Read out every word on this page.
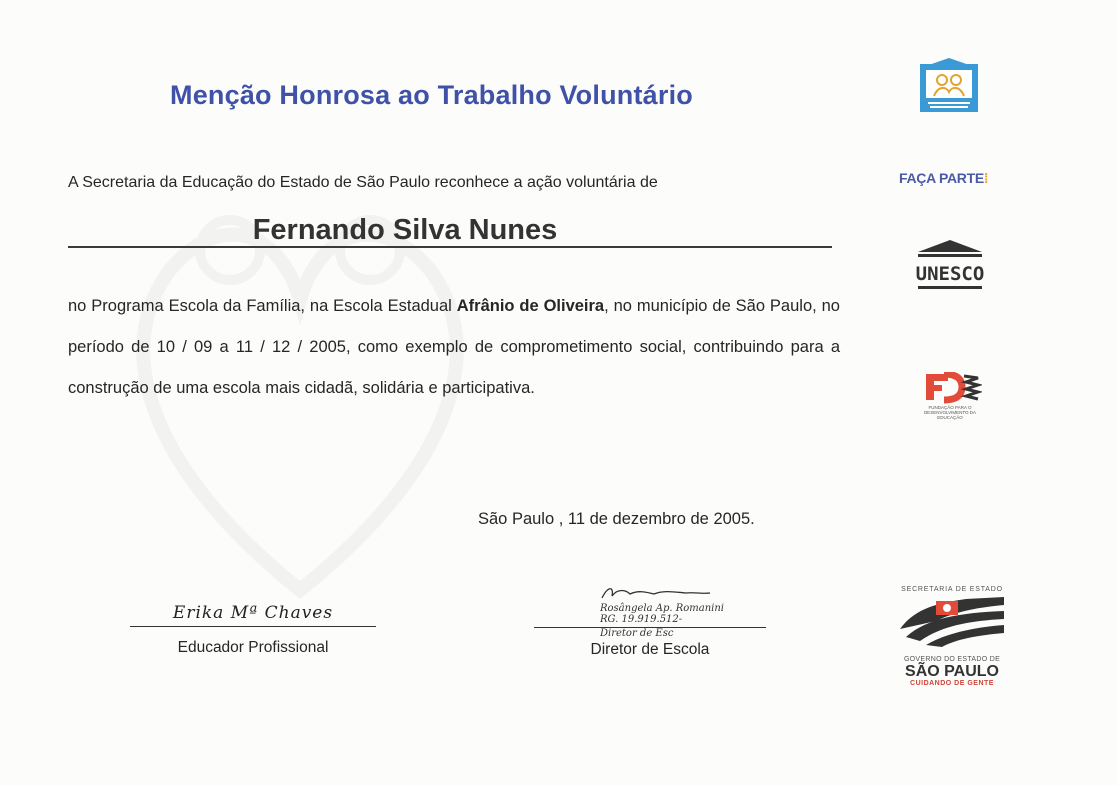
Menção Honrosa ao Trabalho Voluntário
A Secretaria da Educação do Estado de São Paulo reconhece a ação voluntária de
Fernando Silva Nunes
no Programa Escola da Família, na Escola Estadual Afrânio de Oliveira, no município de São Paulo, no período de 10 / 09 a 11 / 12 / 2005, como exemplo de comprometimento social, contribuindo para a construção de uma escola mais cidadã, solidária e participativa.
São Paulo , 11 de dezembro de 2005.
Erika Mª Chaves
Educador Profissional
Rosângela Ap. Romanini
RG. 19.919.512-
Diretor de Esc
Diretor de Escola
FAÇA PARTE⁞
UNESCO
FUNDAÇÃO PARA O DESENVOLVIMENTO DA EDUCAÇÃO
SECRETARIA DE ESTADO
GOVERNO DO ESTADO DE
SÃO PAULO
CUIDANDO DE GENTE
